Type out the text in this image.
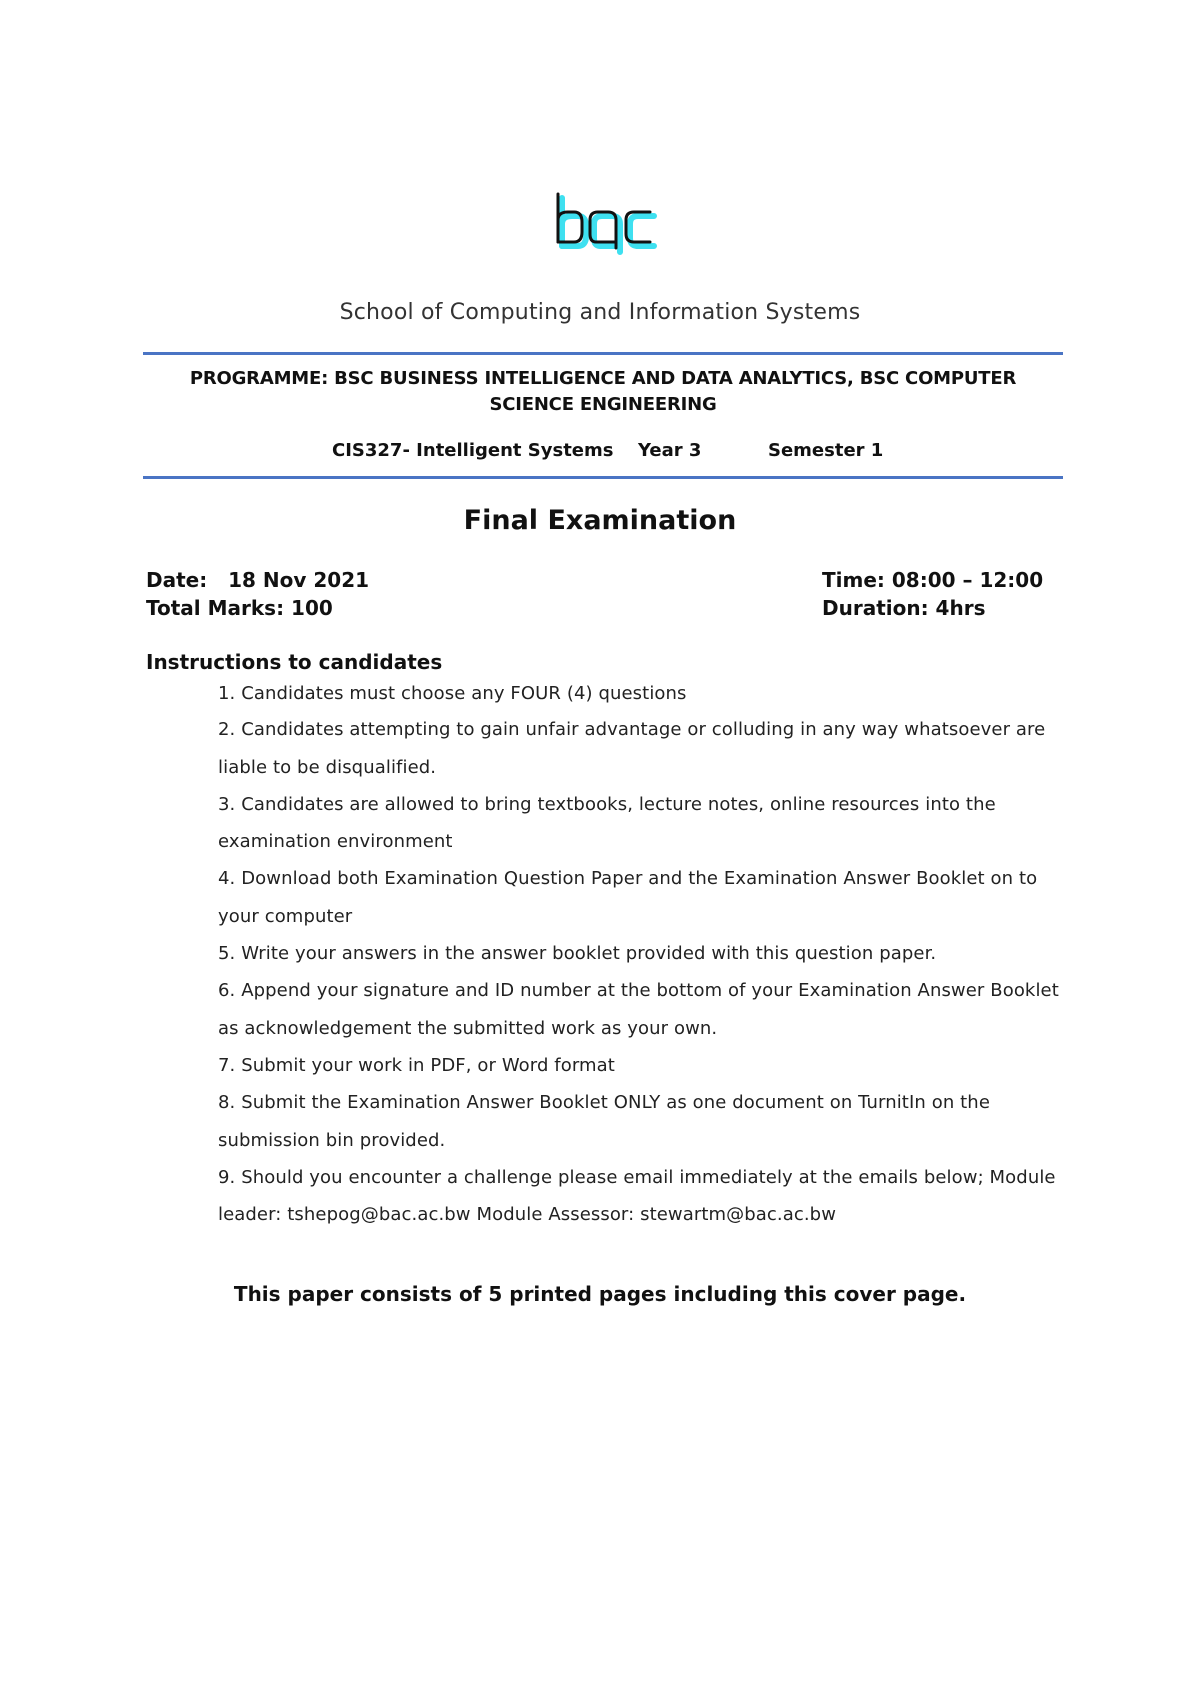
School of Computing and Information Systems
PROGRAMME: BSC BUSINESS INTELLIGENCE AND DATA ANALYTICS, BSC COMPUTER SCIENCE ENGINEERING
CIS327- Intelligent Systems Year 3	Semester 1
Final Examination
Date:   18 Nov 2021
Total Marks: 100
Time: 08:00 – 12:00
Duration: 4hrs
Instructions to candidates
1. Candidates must choose any FOUR (4) questions
2. Candidates attempting to gain unfair advantage or colluding in any way whatsoever are liable to be disqualified.
3. Candidates are allowed to bring textbooks, lecture notes, online resources into the examination environment
4. Download both Examination Question Paper and the Examination Answer Booklet on to your computer
5. Write your answers in the answer booklet provided with this question paper.
6. Append your signature and ID number at the bottom of your Examination Answer Booklet as acknowledgement the submitted work as your own.
7. Submit your work in PDF, or Word format
8. Submit the Examination Answer Booklet ONLY as one document on TurnitIn on the submission bin provided.
9. Should you encounter a challenge please email immediately at the emails below; Module leader: tshepog@bac.ac.bw Module Assessor: stewartm@bac.ac.bw
This paper consists of 5 printed pages including this cover page.
